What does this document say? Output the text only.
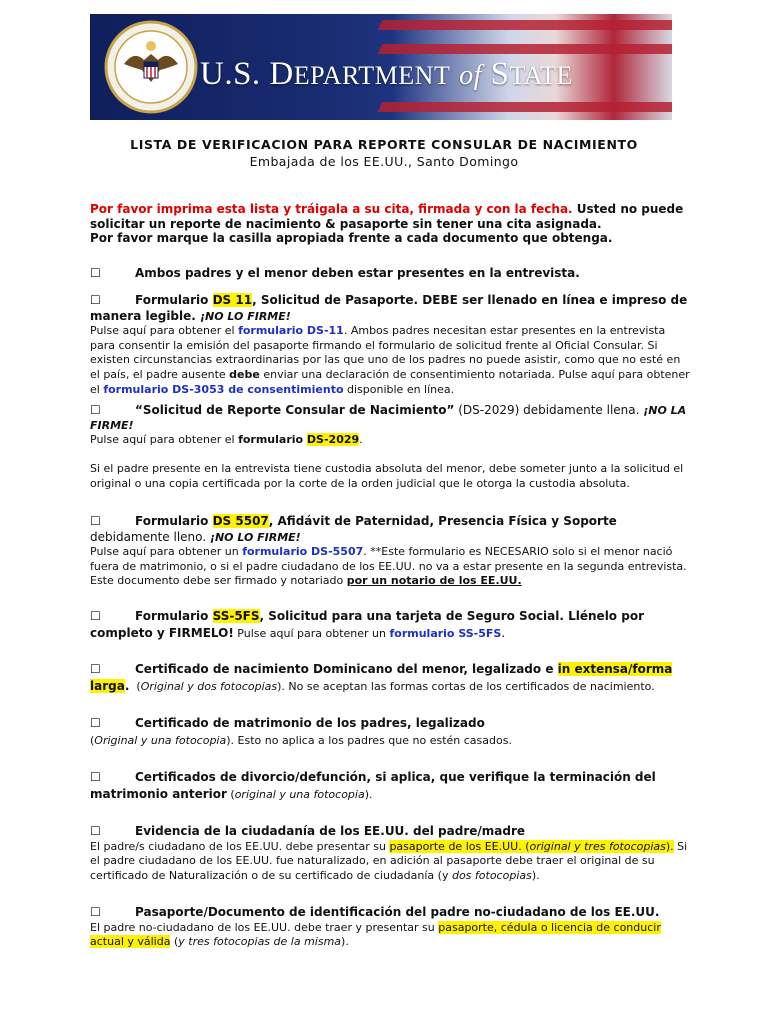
U.S. DEPARTMENT of STATE
LISTA DE VERIFICACION PARA REPORTE CONSULAR DE NACIMIENTO
Embajada de los EE.UU., Santo Domingo
Por favor imprima esta lista y tráigala a su cita, firmada y con la fecha. Usted no puede solicitar un reporte de nacimiento & pasaporte sin tener una cita asignada.
Por favor marque la casilla apropiada frente a cada documento que obtenga.
☐	Ambos padres y el menor deben estar presentes en la entrevista.
☐	Formulario DS 11, Solicitud de Pasaporte. DEBE ser llenado en línea e impreso de manera legible. ¡NO LO FIRME!
Pulse aquí para obtener el formulario DS-11. Ambos padres necesitan estar presentes en la entrevista para consentir la emisión del pasaporte firmando el formulario de solicitud frente al Oficial Consular. Si existen circunstancias extraordinarias por las que uno de los padres no puede asistir, como que no esté en el país, el padre ausente debe enviar una declaración de consentimiento notariada. Pulse aquí para obtener el formulario DS-3053 de consentimiento disponible en línea.
☐	“Solicitud de Reporte Consular de Nacimiento” (DS-2029) debidamente llena. ¡NO LA FIRME!
Pulse aquí para obtener el formulario DS-2029.

Si el padre presente en la entrevista tiene custodia absoluta del menor, debe someter junto a la solicitud el original o una copia certificada por la corte de la orden judicial que le otorga la custodia absoluta.
☐	Formulario DS 5507, Afidávit de Paternidad, Presencia Física y Soporte debidamente lleno. ¡NO LO FIRME!
Pulse aquí para obtener un formulario DS-5507. **Este formulario es NECESARIO solo si el menor nació fuera de matrimonio, o si el padre ciudadano de los EE.UU. no va a estar presente en la segunda entrevista. Este documento debe ser firmado y notariado por un notario de los EE.UU.
☐	Formulario SS-5FS, Solicitud para una tarjeta de Seguro Social. Llénelo por completo y FIRMELO! Pulse aquí para obtener un formulario SS-5FS.
☐	Certificado de nacimiento Dominicano del menor, legalizado e in extensa/forma larga.  (Original y dos fotocopias). No se aceptan las formas cortas de los certificados de nacimiento.
☐	Certificado de matrimonio de los padres, legalizado
(Original y una fotocopia). Esto no aplica a los padres que no estén casados.
☐	Certificados de divorcio/defunción, si aplica, que verifique la terminación del matrimonio anterior (original y una fotocopia).
☐	Evidencia de la ciudadanía de los EE.UU. del padre/madre
El padre/s ciudadano de los EE.UU. debe presentar su pasaporte de los EE.UU. (original y tres fotocopias). Si el padre ciudadano de los EE.UU. fue naturalizado, en adición al pasaporte debe traer el original de su certificado de Naturalización o de su certificado de ciudadanía (y dos fotocopias).
☐	Pasaporte/Documento de identificación del padre no-ciudadano de los EE.UU.
El padre no-ciudadano de los EE.UU. debe traer y presentar su pasaporte, cédula o licencia de conducir actual y válida (y tres fotocopias de la misma).
